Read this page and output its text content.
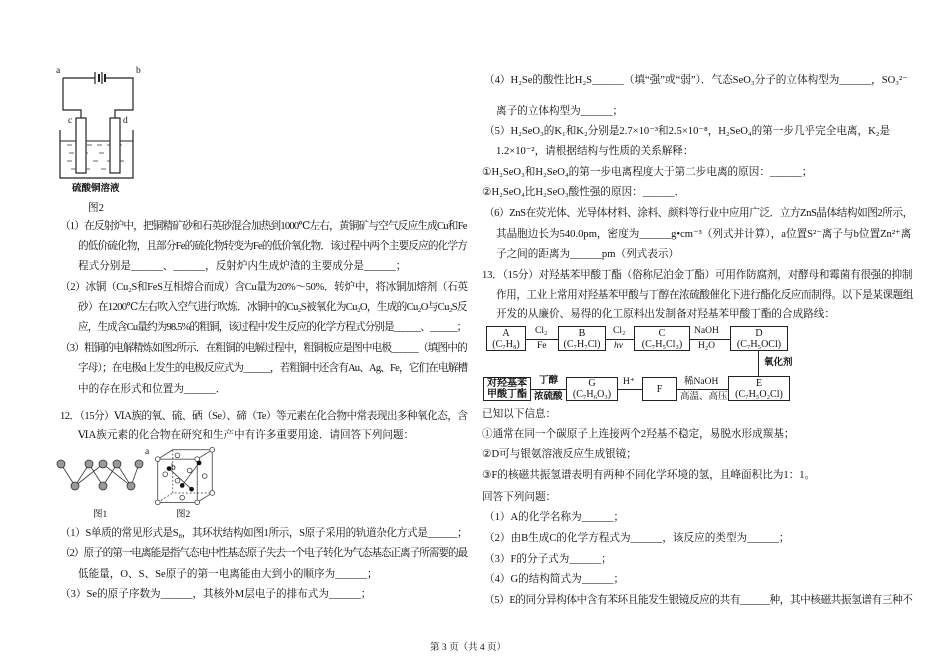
a	b
c	d
硫酸铜溶液
图2
（1）在反射炉中，把铜精矿砂和石英砂混合加热到1000℃左右，黄铜矿与空气反应生成Cu和Fe
的低价硫化物，且部分Fe的硫化物转变为Fe的低价氧化物．该过程中两个主要反应的化学方
程式分别是______、______，反射炉内生成炉渣的主要成分是______；
（2）冰铜（Cu₂S和FeS互相熔合而成）含Cu量为20%～50%．转炉中，将冰铜加熔剂（石英
砂）在1200℃左右吹入空气进行吹炼．冰铜中的Cu₂S被氧化为Cu₂O，生成的Cu₂O与Cu₂S反
应，生成含Cu量约为98.5%的粗铜，该过程中发生反应的化学方程式分别是______、______；
（3）粗铜的电解精炼如图2所示．在粗铜的电解过程中，粗铜板应是图中电极______（填图中的
字母）；在电极d上发生的电极反应式为______，若粗铜中还含有Au、Ag、Fe，它们在电解槽
中的存在形式和位置为______．
12．（15分）ⅥA族的氧、硫、硒（Se）、碲（Te）等元素在化合物中常表现出多种氧化态，含
ⅥA族元素的化合物在研究和生产中有许多重要用途．请回答下列问题：
a
b
图1	图2
（1）S单质的常见形式是S₈，其环状结构如图1所示，S原子采用的轨道杂化方式是______；
（2）原子的第一电离能是指气态电中性基态原子失去一个电子转化为气态基态正离子所需要的最
低能量，O、S、Se原子的第一电离能由大到小的顺序为______；
（3）Se的原子序数为______，其核外M层电子的排布式为______；
（4）H₂Se的酸性比H₂S______（填“强”或“弱”）．气态SeO₃分子的立体构型为______，SO₃²⁻
离子的立体构型为______；
（5）H₂SeO₃的K₁和K₂分别是2.7×10⁻³和2.5×10⁻⁸，H₂SeO₄的第一步几乎完全电离，K₂是
1.2×10⁻²，请根据结构与性质的关系解释：
①H₂SeO₃和H₂SeO₄的第一步电离程度大于第二步电离的原因：______；
②H₂SeO₄比H₂SeO₃酸性强的原因：______．
（6）ZnS在荧光体、光导体材料、涂料、颜料等行业中应用广泛．立方ZnS晶体结构如图2所示，
其晶胞边长为540.0pm，密度为______g•cm⁻³（列式并计算），a位置S²⁻离子与b位置Zn²⁺离
子之间的距离为______pm（列式表示）
13．（15分）对羟基苯甲酸丁酯（俗称尼泊金丁酯）可用作防腐剂，对酵母和霉菌有很强的抑制
作用，工业上常用对羟基苯甲酸与丁醇在浓硫酸催化下进行酯化反应而制得。以下是某课题组
开发的从廉价、易得的化工原料出发制备对羟基苯甲酸丁酯的合成路线：
A
(C₇H₈)
B
(C₇H₇Cl)
C
(C₇H₅Cl₃)
D
(C₇H₅OCl)
E
(C₇H₅O₂Cl)
F
G
(C₇H₆O₃)
对羟基苯
甲酸丁酯
Cl₂
Fe
Cl₂
hv
NaOH
H₂O
氧化剂
稀NaOH
高温、高压
H⁺
丁醇
浓硫酸
已知以下信息：
①通常在同一个碳原子上连接两个2羟基不稳定，易脱水形成羰基；
②D可与银氨溶液反应生成银镜；
③F的核磁共振氢谱表明有两种不同化学环境的氢，且峰面积比为1：1。
回答下列问题：
（1）A的化学名称为______；
（2）由B生成C的化学方程式为______，该反应的类型为______；
（3）F的分子式为______；
（4）G的结构简式为______；
（5）E的同分异构体中含有苯环且能发生银镜反应的共有______种，其中核磁共振氢谱有三种不
第 3 页（共 4 页）
